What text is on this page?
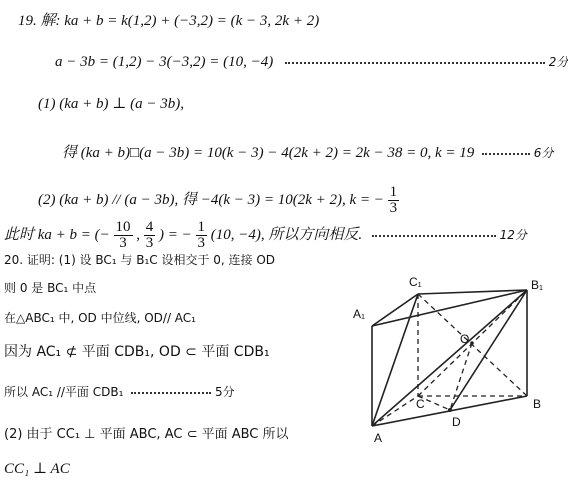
19. 解: ka + b = k(1,2) + (−3,2) = (k − 3, 2k + 2)
a − 3b = (1,2) − 3(−3,2) = (10, −4)	2分
(1) (ka + b) ⊥ (a − 3b),
得 (ka + b)□(a − 3b) = 10(k − 3) − 4(2k + 2) = 2k − 38 = 0, k = 19	6分
(2) (ka + b) // (a − 3b), 得 −4(k − 3) = 10(2k + 2), k = − $\frac{1}{3}$
此时 ka + b = (− $\frac{10}{3}$ , $\frac{4}{3}$ ) = − $\frac{1}{3} (10$, −4), 所以方向相反.	12分
20. 证明: (1) 设 BC₁ 与 B₁C 设相交于 0, 连接 OD
则 0 是 BC₁ 中点
在△ABC₁ 中, OD 中位线, OD// AC₁
因为 AC₁ ⊄ 平面 CDB₁, OD ⊂ 平面 CDB₁
所以 AC₁ //平面 CDB₁	5分
(2) 由于 CC₁ ⊥ 平面 ABC, AC ⊂ 平面 ABC 所以
CC₁ ⊥ AC
C₁	B₁
A₁
O
C	B
A
D
